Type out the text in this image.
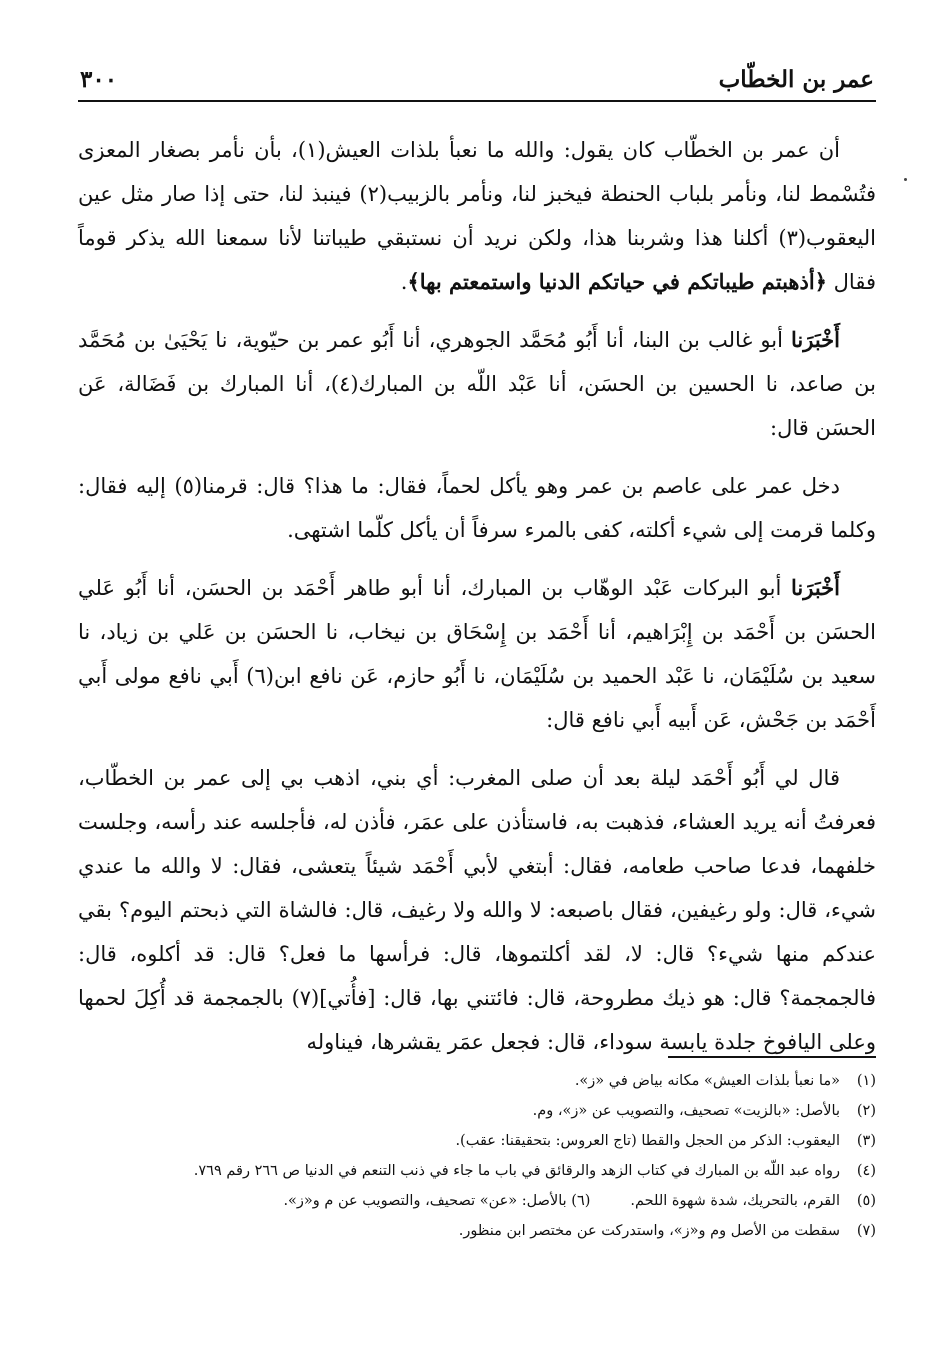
عمر بن الخطّاب
٣٠٠

أن عمر بن الخطّاب كان يقول: والله ما نعبأ بلذات العيش(١)، بأن نأمر بصغار المعزى فتُسْمط لنا، ونأمر بلباب الحنطة فيخبز لنا، ونأمر بالزبيب(٢) فينبذ لنا، حتى إذا صار مثل عين اليعقوب(٣) أكلنا هذا وشربنا هذا، ولكن نريد أن نستبقي طيباتنا لأنا سمعنا الله يذكر قوماً فقال ﴿أذهبتم طيباتكم في حياتكم الدنيا واستمعتم بها﴾.

أَخْبَرَنا أبو غالب بن البنا، أنا أَبُو مُحَمَّد الجوهري، أنا أَبُو عمر بن حيّوية، نا يَحْيَىٰ بن مُحَمَّد بن صاعد، نا الحسين بن الحسَن، أنا عَبْد اللّه بن المبارك(٤)، أنا المبارك بن فَضَالة، عَن الحسَن قال:

دخل عمر على عاصم بن عمر وهو يأكل لحماً، فقال: ما هذا؟ قال: قرمنا(٥) إليه فقال: وكلما قرمت إلى شيء أكلته، كفى بالمرء سرفاً أن يأكل كلّما اشتهى.

أَخْبَرَنا أبو البركات عَبْد الوهّاب بن المبارك، أنا أبو طاهر أَحْمَد بن الحسَن، أنا أَبُو عَلي الحسَن بن أَحْمَد بن إِبْرَاهيم، أنا أَحْمَد بن إِسْحَاق بن نيخاب، نا الحسَن بن عَلي بن زياد، نا سعيد بن سُلَيْمَان، نا عَبْد الحميد بن سُلَيْمَان، نا أَبُو حازم، عَن نافع ابن(٦) أَبي نافع مولى أَبي أَحْمَد بن جَحْش، عَن أَبيه أَبي نافع قال:

قال لي أَبُو أَحْمَد ليلة بعد أن صلى المغرب: أي بني، اذهب بي إلى عمر بن الخطّاب، فعرفتُ أنه يريد العشاء، فذهبت به، فاستأذن على عمَر، فأذن له، فأجلسه عند رأسه، وجلست خلفهما، فدعا صاحب طعامه، فقال: أبتغي لأبي أَحْمَد شيئاً يتعشى، فقال: لا والله ما عندي شيء، قال: ولو رغيفين، فقال باصبعه: لا والله ولا رغيف، قال: فالشاة التي ذبحتم اليوم؟ بقي عندكم منها شيء؟ قال: لا، لقد أكلتموها، قال: فرأسها ما فعل؟ قال: قد أكلوه، قال: فالجمجمة؟ قال: هو ذيك مطروحة، قال: فائتني بها، قال: [فأُتي](٧) بالجمجمة قد أُكِلَ لحمها وعلى اليافوخ جلدة يابسة سوداء، قال: فجعل عمَر يقشرها، فيناوله

(١)
«ما نعبأ بلذات العيش» مكانه بياض في «ز».
(٢)
بالأصل: «بالزيت» تصحيف، والتصويب عن «ز»، وم.
(٣)
اليعقوب: الذكر من الحجل والقطا (تاج العروس: بتحقيقنا: عقب).
(٤)
رواه عبد اللّه بن المبارك في كتاب الزهد والرقائق في باب ما جاء في ذنب التنعم في الدنيا ص ٢٦٦ رقم ٧٦٩.
(٥)
القرم، بالتحريك، شدة شهوة اللحم.
(٦)

بالأصل: «عن» تصحيف، والتصويب عن م و«ز».
(٧)
سقطت من الأصل وم و«ز»، واستدركت عن مختصر ابن منظور.
